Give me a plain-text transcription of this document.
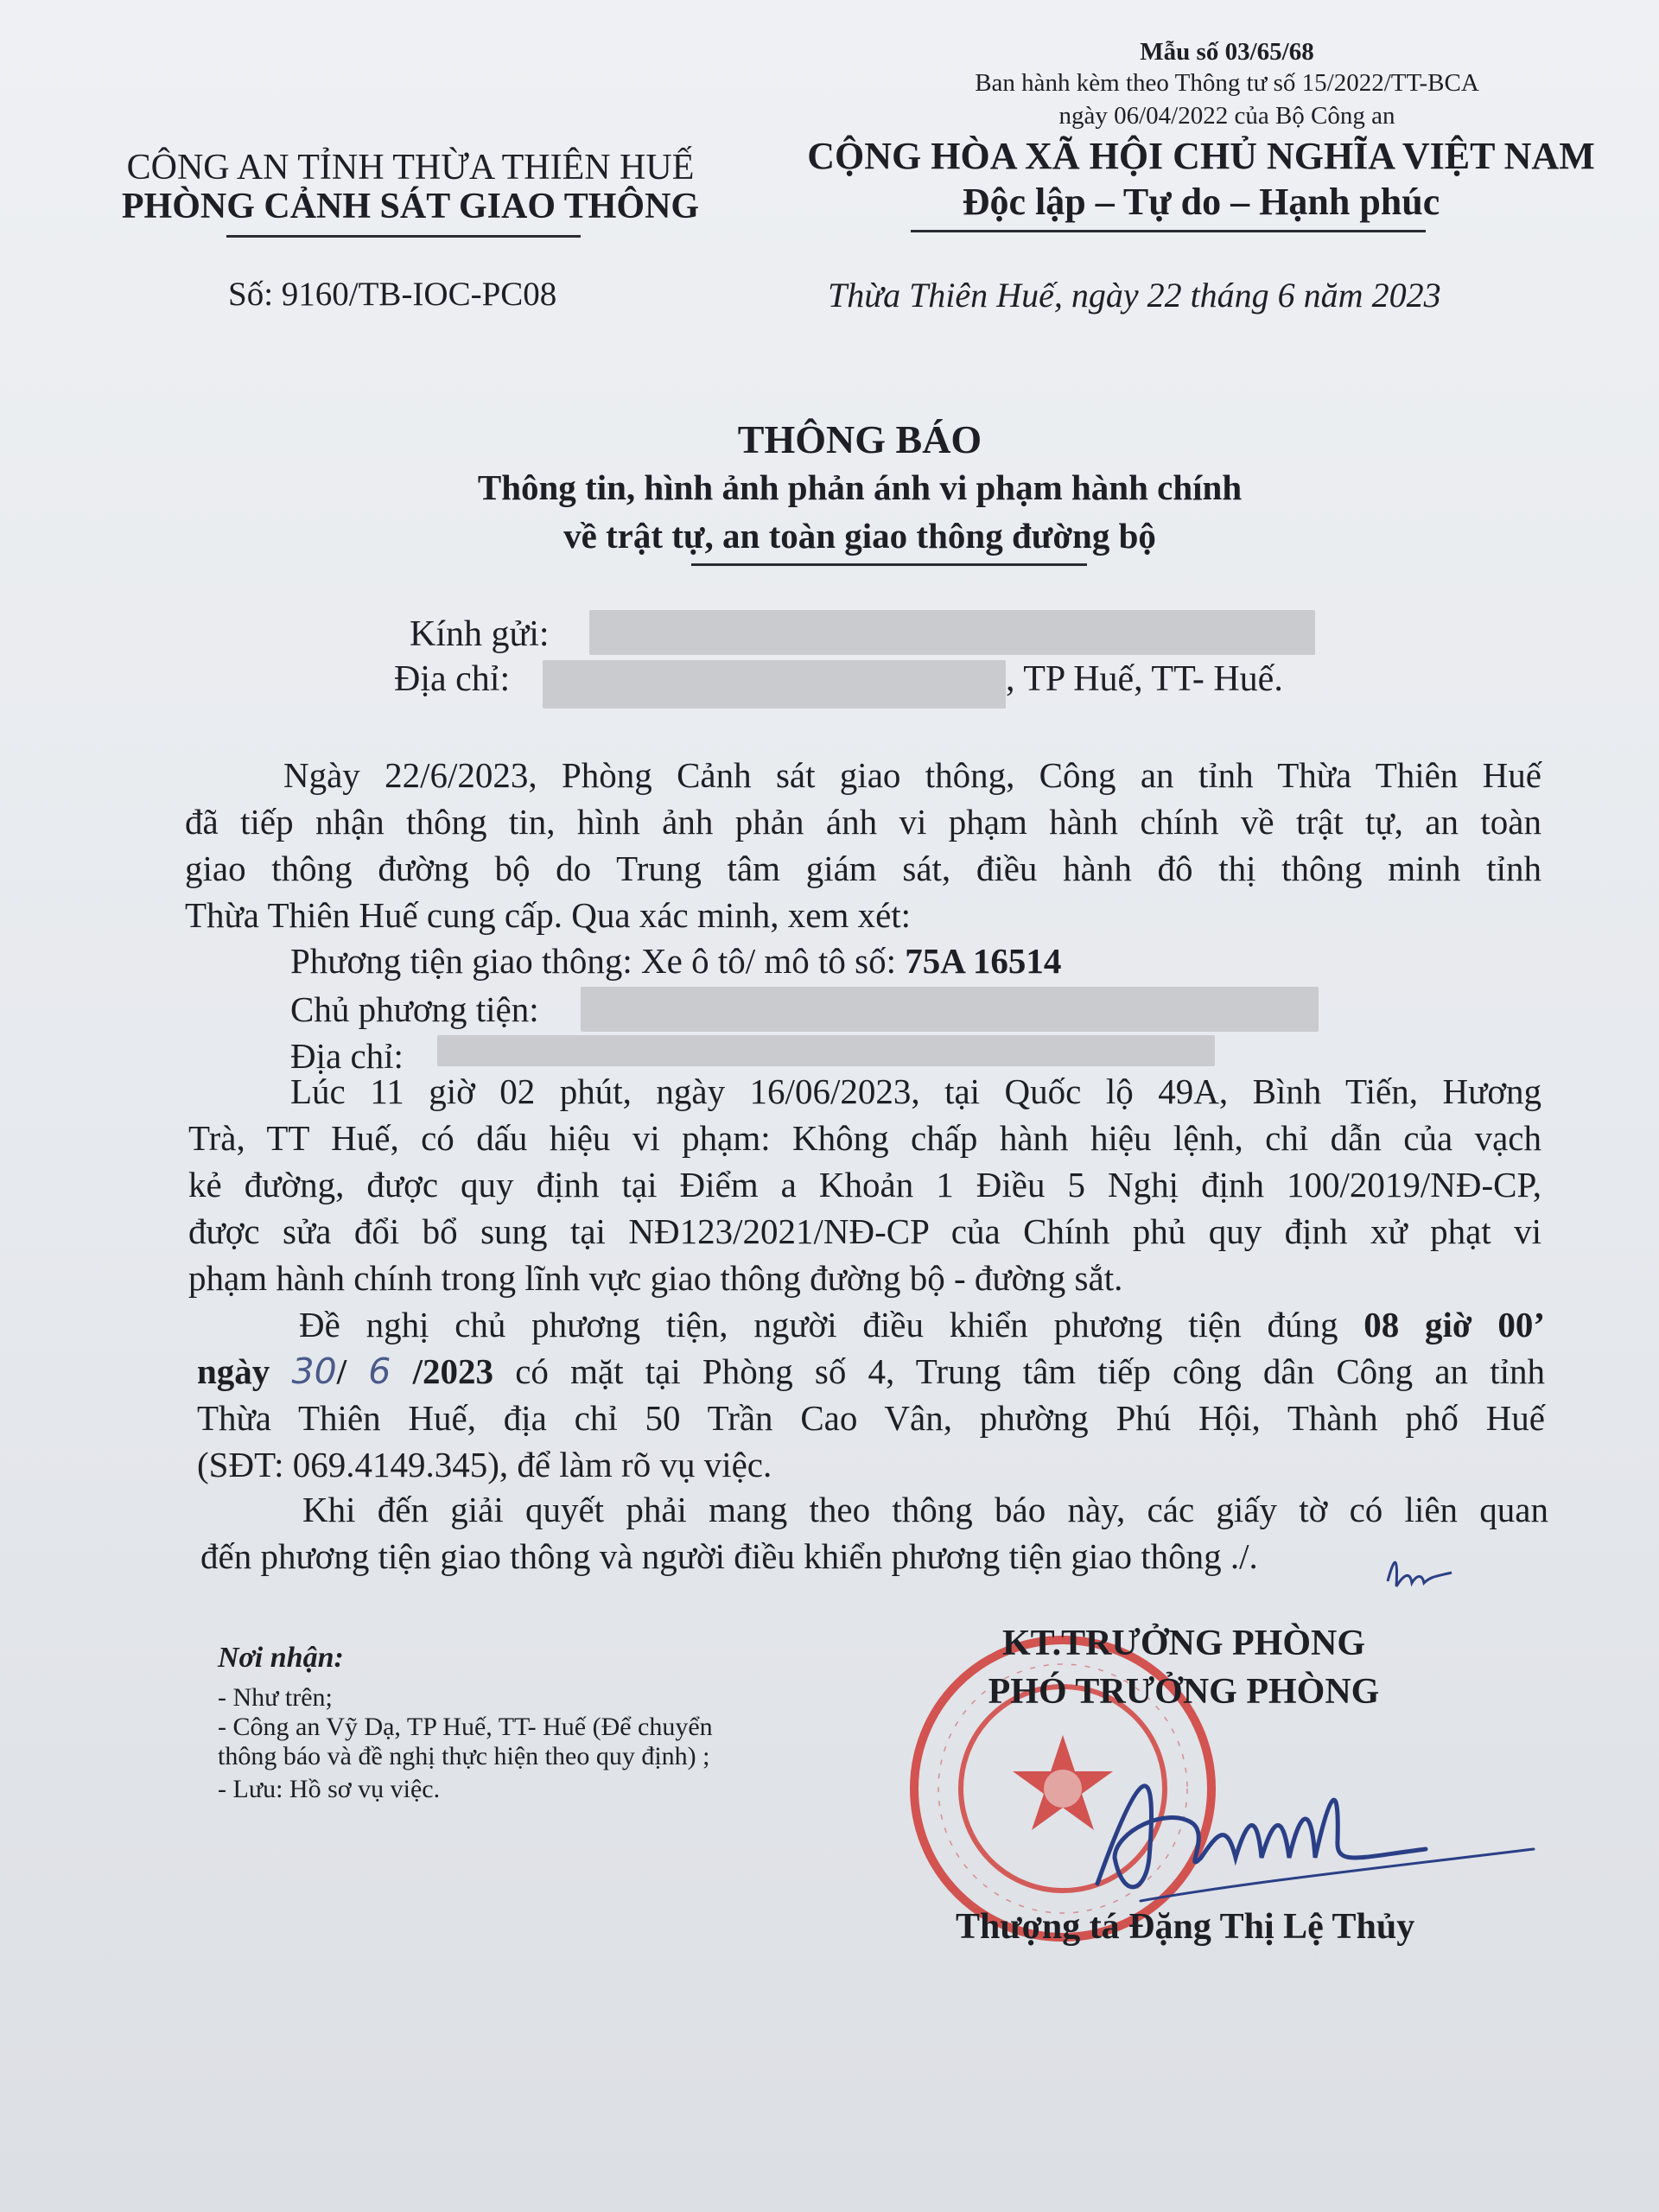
Mẫu số 03/65/68
Ban hành kèm theo Thông tư số 15/2022/TT-BCA
ngày 06/04/2022 của Bộ Công an
CÔNG AN TỈNH THỪA THIÊN HUẾ
PHÒNG CẢNH SÁT GIAO THÔNG
Số: 9160/TB-IOC-PC08
CỘNG HÒA XÃ HỘI CHỦ NGHĨA VIỆT NAM
Độc lập – Tự do – Hạnh phúc
Thừa Thiên Huế, ngày 22 tháng 6 năm 2023
THÔNG BÁO
Thông tin, hình ảnh phản ánh vi phạm hành chính
về trật tự, an toàn giao thông đường bộ
Kính gửi:
Địa chỉ:	, TP Huế, TT- Huế.
Ngày 22/6/2023, Phòng Cảnh sát giao thông, Công an tỉnh Thừa Thiên Huế
đã tiếp nhận thông tin, hình ảnh phản ánh vi phạm hành chính về trật tự, an toàn
giao thông đường bộ do Trung tâm giám sát, điều hành đô thị thông minh tỉnh
Thừa Thiên Huế cung cấp. Qua xác minh, xem xét:
Phương tiện giao thông: Xe ô tô/ mô tô số: 75A 16514
Chủ phương tiện:
Địa chỉ:
Lúc 11 giờ 02 phút, ngày 16/06/2023, tại Quốc lộ 49A, Bình Tiến, Hương
Trà, TT Huế, có dấu hiệu vi phạm: Không chấp hành hiệu lệnh, chỉ dẫn của vạch
kẻ đường, được quy định tại Điểm a Khoản 1 Điều 5 Nghị định 100/2019/NĐ-CP,
được sửa đổi bổ sung tại NĐ123/2021/NĐ-CP của Chính phủ quy định xử phạt vi
phạm hành chính trong lĩnh vực giao thông đường bộ - đường sắt.
Đề nghị chủ phương tiện, người điều khiển phương tiện đúng 08 giờ 00’
ngày 30/ 6 /2023 có mặt tại Phòng số 4, Trung tâm tiếp công dân Công an tỉnh
Thừa Thiên Huế, địa chỉ 50 Trần Cao Vân, phường Phú Hội, Thành phố Huế
(SĐT: 069.4149.345), để làm rõ vụ việc.
Khi đến giải quyết phải mang theo thông báo này, các giấy tờ có liên quan
đến phương tiện giao thông và người điều khiển phương tiện giao thông ./.
Nơi nhận:
- Như trên;
- Công an Vỹ Dạ, TP Huế, TT- Huế (Để chuyển
thông báo và đề nghị thực hiện theo quy định) ;
- Lưu: Hồ sơ vụ việc.
KT.TRƯỞNG PHÒNG
PHÓ TRƯỞNG PHÒNG
Thượng tá Đặng Thị Lệ Thủy
